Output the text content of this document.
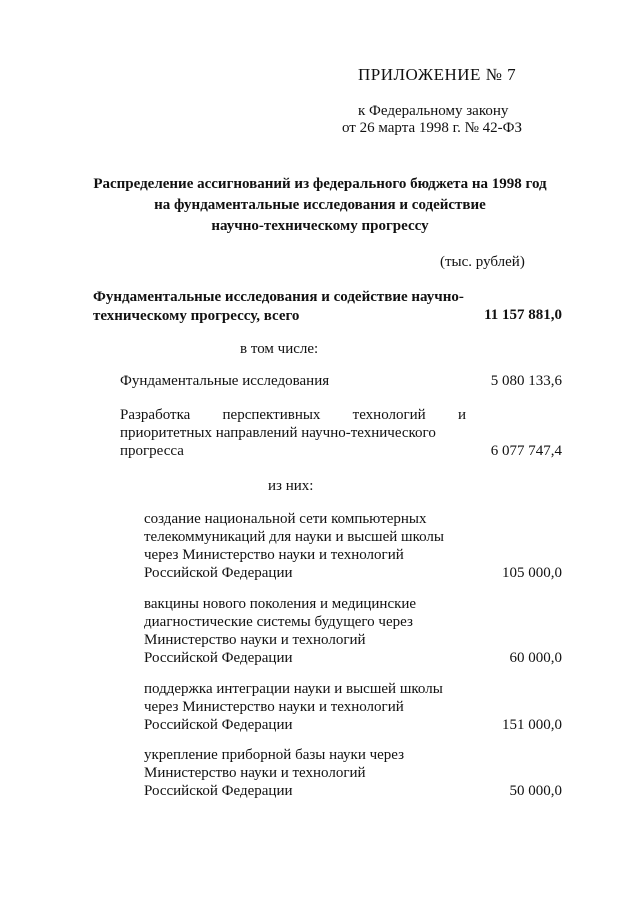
ПРИЛОЖЕНИЕ № 7
к Федеральному закону
от 26 марта 1998 г. № 42-ФЗ
Распределение ассигнований из федерального бюджета на 1998 год
на фундаментальные исследования и содействие
научно-техническому прогрессу
(тыс. рублей)
Фундаментальные исследования и содействие научно-
техническому прогрессу, всего	11 157 881,0
в том числе:
Фундаментальные исследования	5 080 133,6
Разработка перспективных технологий и
приоритетных направлений научно-технического
прогресса	6 077 747,4
из них:
создание национальной сети компьютерных
телекоммуникаций для науки и высшей школы
через Министерство науки и технологий
Российской Федерации	105 000,0
вакцины нового поколения и медицинские
диагностические системы будущего через
Министерство науки и технологий
Российской Федерации	60 000,0
поддержка интеграции науки и высшей школы
через Министерство науки и технологий
Российской Федерации	151 000,0
укрепление приборной базы науки через
Министерство науки и технологий
Российской Федерации	50 000,0
